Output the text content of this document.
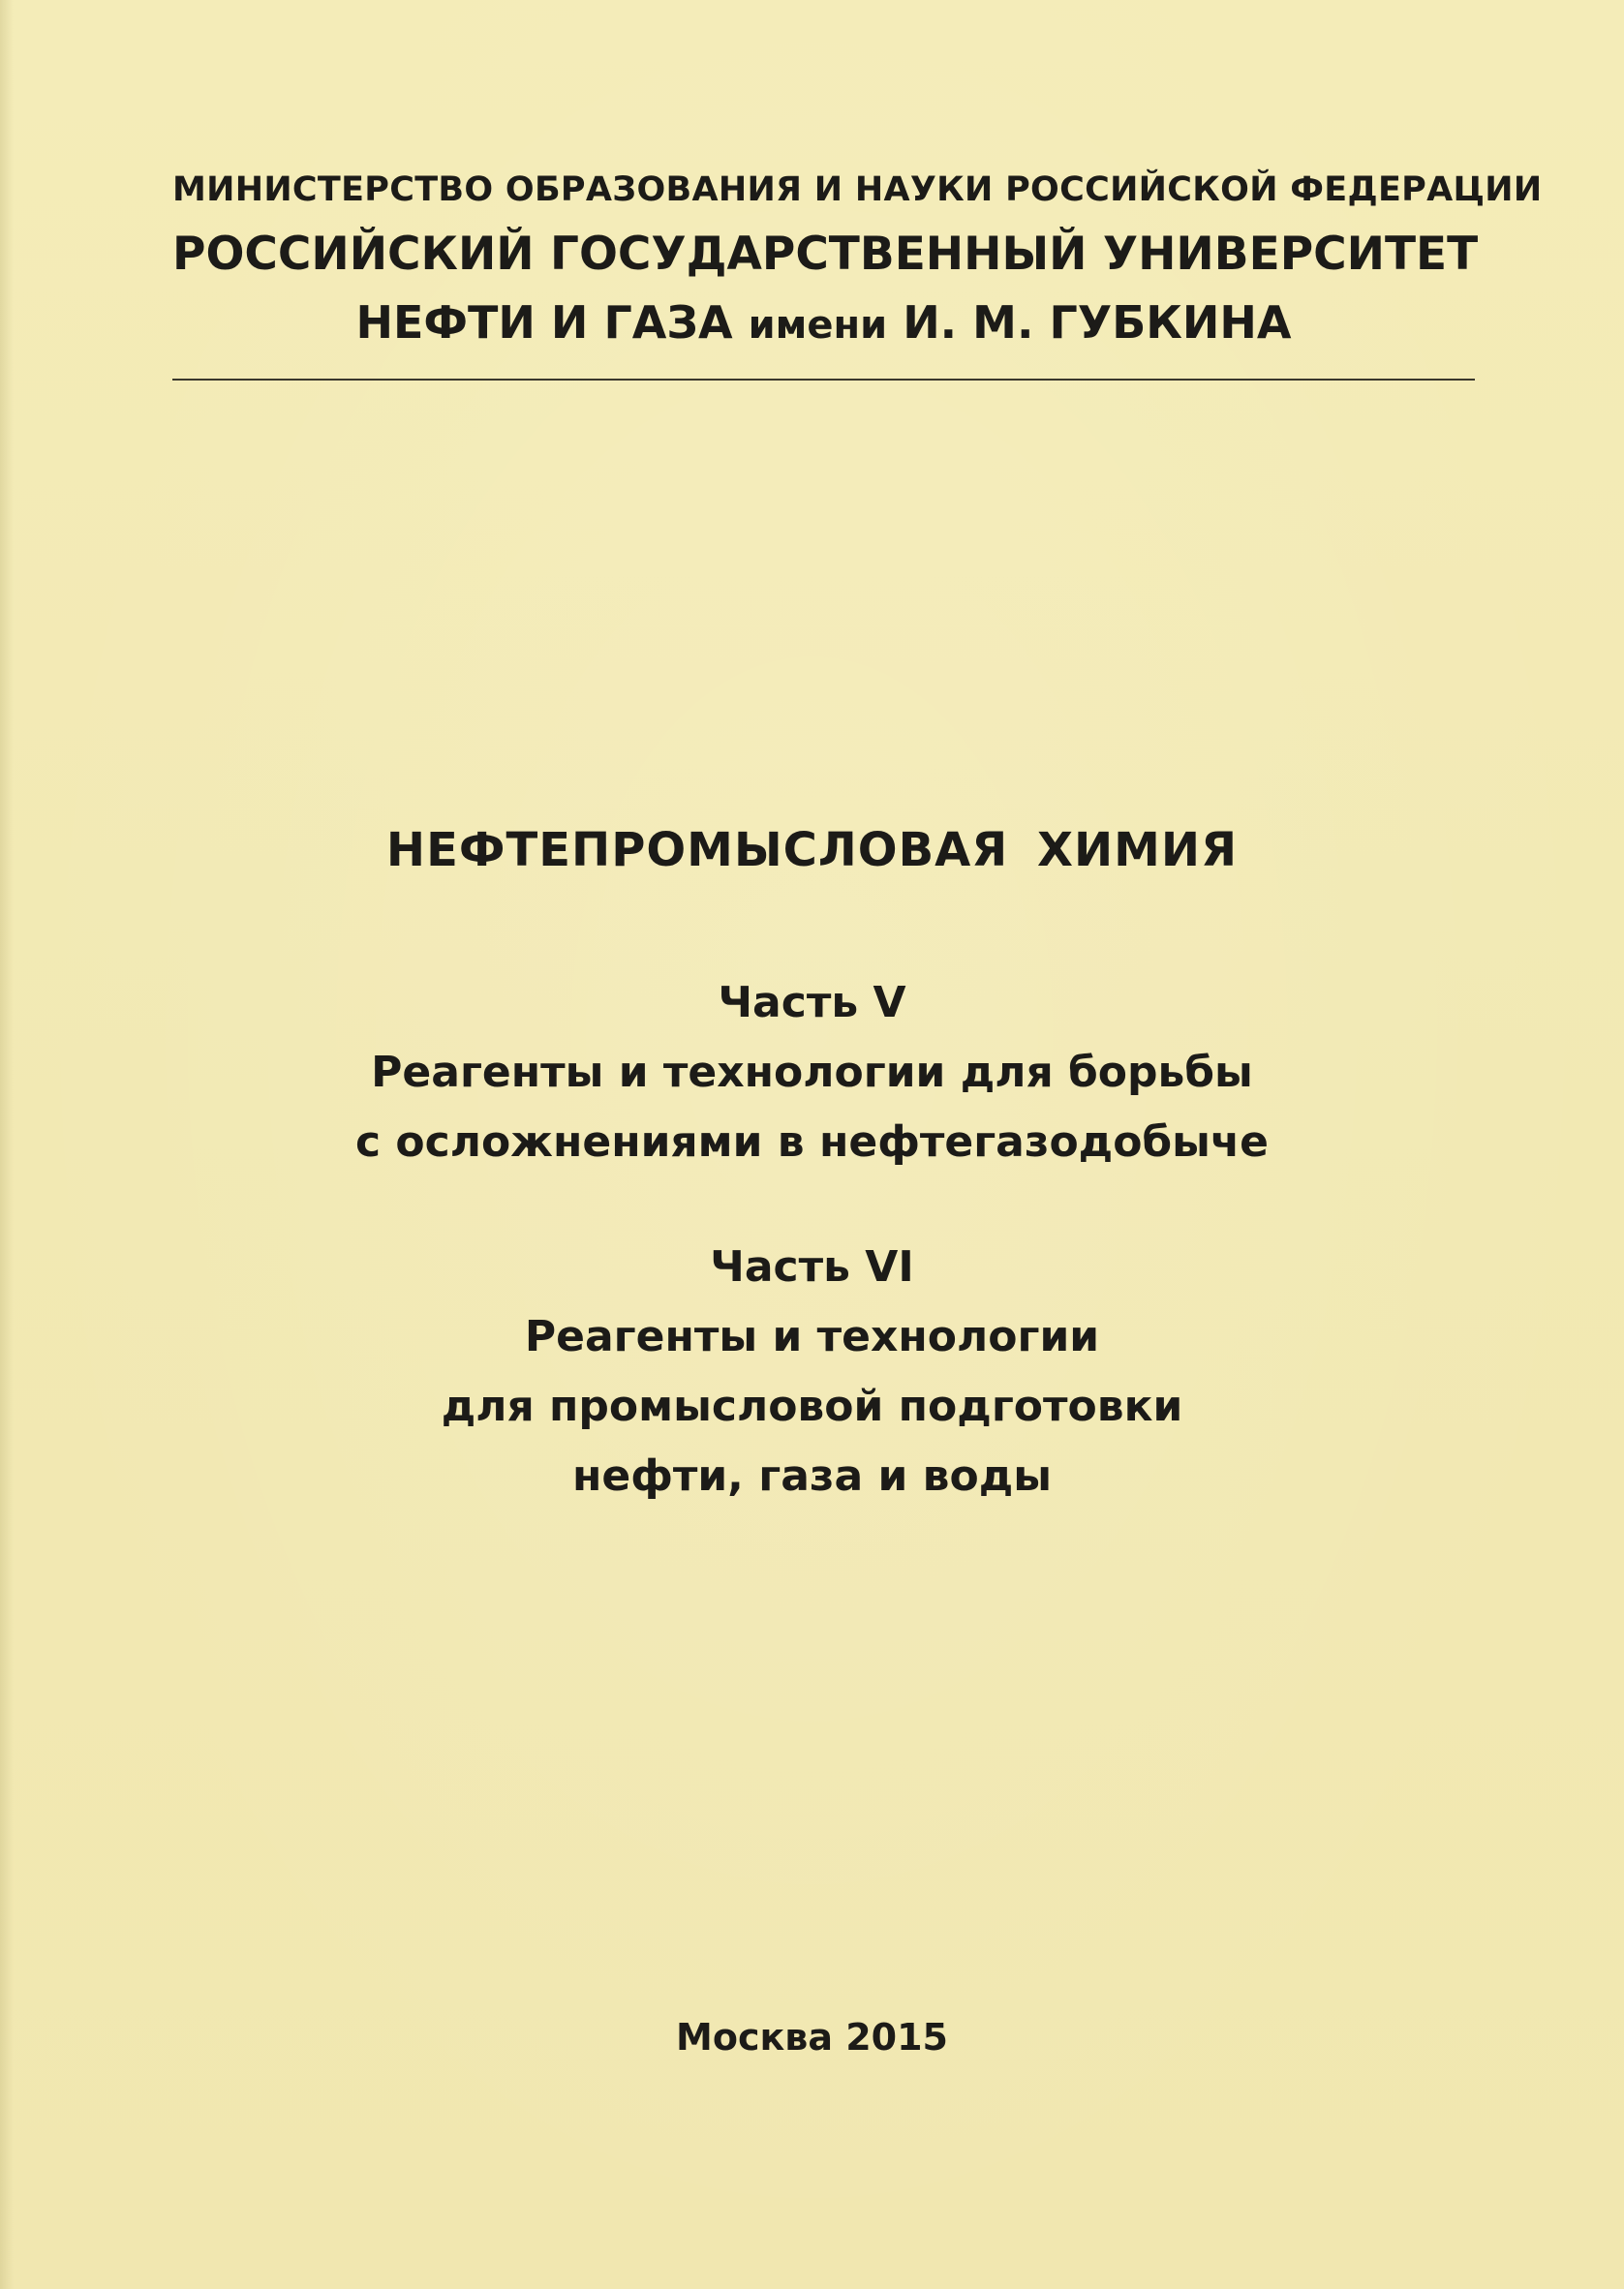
МИНИСТЕРСТВО ОБРАЗОВАНИЯ И НАУКИ РОССИЙСКОЙ ФЕДЕРАЦИИ
РОССИЙСКИЙ ГОСУДАРСТВЕННЫЙ УНИВЕРСИТЕТ
НЕФТИ И ГАЗА имени И. М. ГУБКИНА
НЕФТЕПРОМЫСЛОВАЯ ХИМИЯ
Часть V
Реагенты и технологии для борьбы
с осложнениями в нефтегазодобыче
Часть VI
Реагенты и технологии
для промысловой подготовки
нефти, газа и воды
Москва 2015
